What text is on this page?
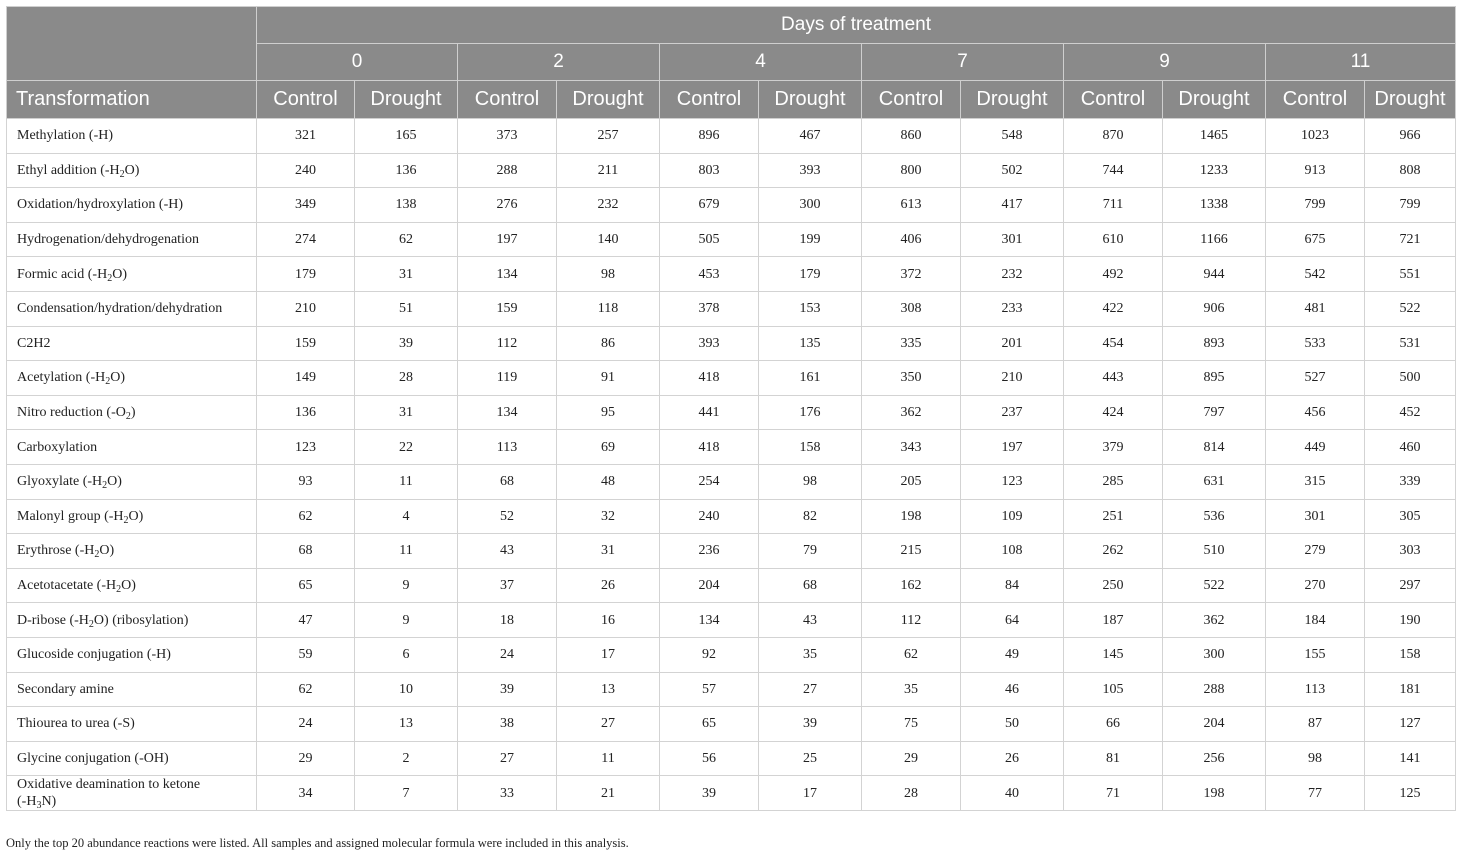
	Days of treatment											
	0		2		4		7		9		11	
Transformation	Control	Drought	Control	Drought	Control	Drought	Control	Drought	Control	Drought	Control	Drought
Methylation (-H)	321	165	373	257	896	467	860	548	870	1465	1023	966
Ethyl addition $(-H_2O)$	240	136	288	211	803	393	800	502	744	1233	913	808
Oxidation/hydroxylation (-H)	349	138	276	232	679	300	613	417	711	1338	799	799
Hydrogenation/dehydrogenation	274	62	197	140	505	199	406	301	610	1166	675	721
Formic acid $(-H_2O)$	179	31	134	98	453	179	372	232	492	944	542	551
Condensation/hydration/dehydration	210	51	159	118	378	153	308	233	422	906	481	522
C2H2	159	39	112	86	393	135	335	201	454	893	533	531
Acetylation $(-H_2O)$	149	28	119	91	418	161	350	210	443	895	527	500
Nitro reduction $(-O_2)$	136	31	134	95	441	176	362	237	424	797	456	452
Carboxylation	123	22	113	69	418	158	343	197	379	814	449	460
Glyoxylate $(-H_2O)$	93	11	68	48	254	98	205	123	285	631	315	339
Malonyl group $(-H_2O)$	62	4	52	32	240	82	198	109	251	536	301	305
Erythrose $(-H_2O)$	68	11	43	31	236	79	215	108	262	510	279	303
Acetotacetate $(-H_2O)$	65	9	37	26	204	68	162	84	250	522	270	297
D-ribose $(-H_2O)$ (ribosylation)	47	9	18	16	134	43	112	64	187	362	184	190
Glucoside conjugation (-H)	59	6	24	17	92	35	62	49	145	300	155	158
Secondary amine	62	10	39	13	57	27	35	46	105	288	113	181
Thiourea to urea (-S)	24	13	38	27	65	39	75	50	66	204	87	127
Glycine conjugation (-OH)	29	2	27	11	56	25	29	26	81	256	98	141
Oxidative deamination to ketone
$(-H_3N)$	34	7	33	21	39	17	28	40	71	198	77	125
Only the top 20 abundance reactions were listed. All samples and assigned molecular formula were included in this analysis.
